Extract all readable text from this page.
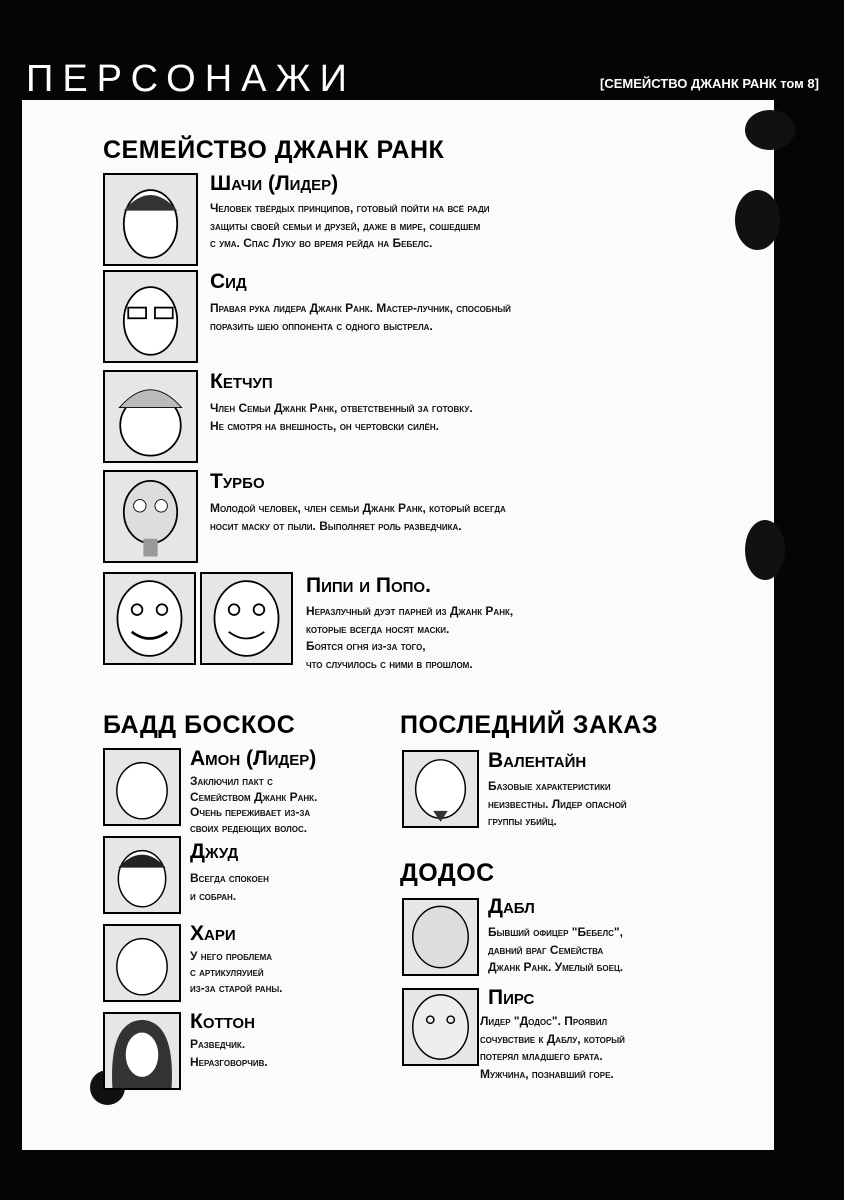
ПЕРСОНАЖИ	[СЕМЕЙСТВО ДЖАНК РАНК том 8]
СЕМЕЙСТВО ДЖАНК РАНК
Шачи (Лидер)
Человек твёрдых принципов, готовый пойти на всё ради
защиты своей семьи и друзей, даже в мире, сошедшем
с ума. Спас Луку во время рейда на Бебелс.
Сид
Правая рука лидера Джанк Ранк. Мастер-лучник, способный
поразить шею оппонента с одного выстрела.
Кетчуп
Член Семьи Джанк Ранк, ответственный за готовку.
Не смотря на внешность, он чертовски силён.
Турбо
Молодой человек, член семьи Джанк Ранк, который всегда
носит маску от пыли. Выполняет роль разведчика.
Пипи и Попо.
Неразлучный дуэт парней из Джанк Ранк,
которые всегда носят маски.
Боятся огня из-за того,
что случилось с ними в прошлом.
БАДД БОСКОС
Амон (Лидер)
Заключил пакт с
Семейством Джанк Ранк.
Очень переживает из-за
своих редеющих волос.
Джуд
Всегда спокоен
и собран.
Хари
У него проблема
с артикуляуией
из-за старой раны.
Коттон
Разведчик.
Неразговорчив.
ПОСЛЕДНИЙ ЗАКАЗ
Валентайн
Базовые характеристики
неизвестны. Лидер опасной
группы убийц.
ДОДОС
Дабл
Бывший офицер "Бебелс",
давний враг Семейства
Джанк Ранк. Умелый боец.
Пирс
Лидер "Додос". Проявил
сочувствие к Даблу, который
потерял младшего брата.
Мужчина, познавший горе.
